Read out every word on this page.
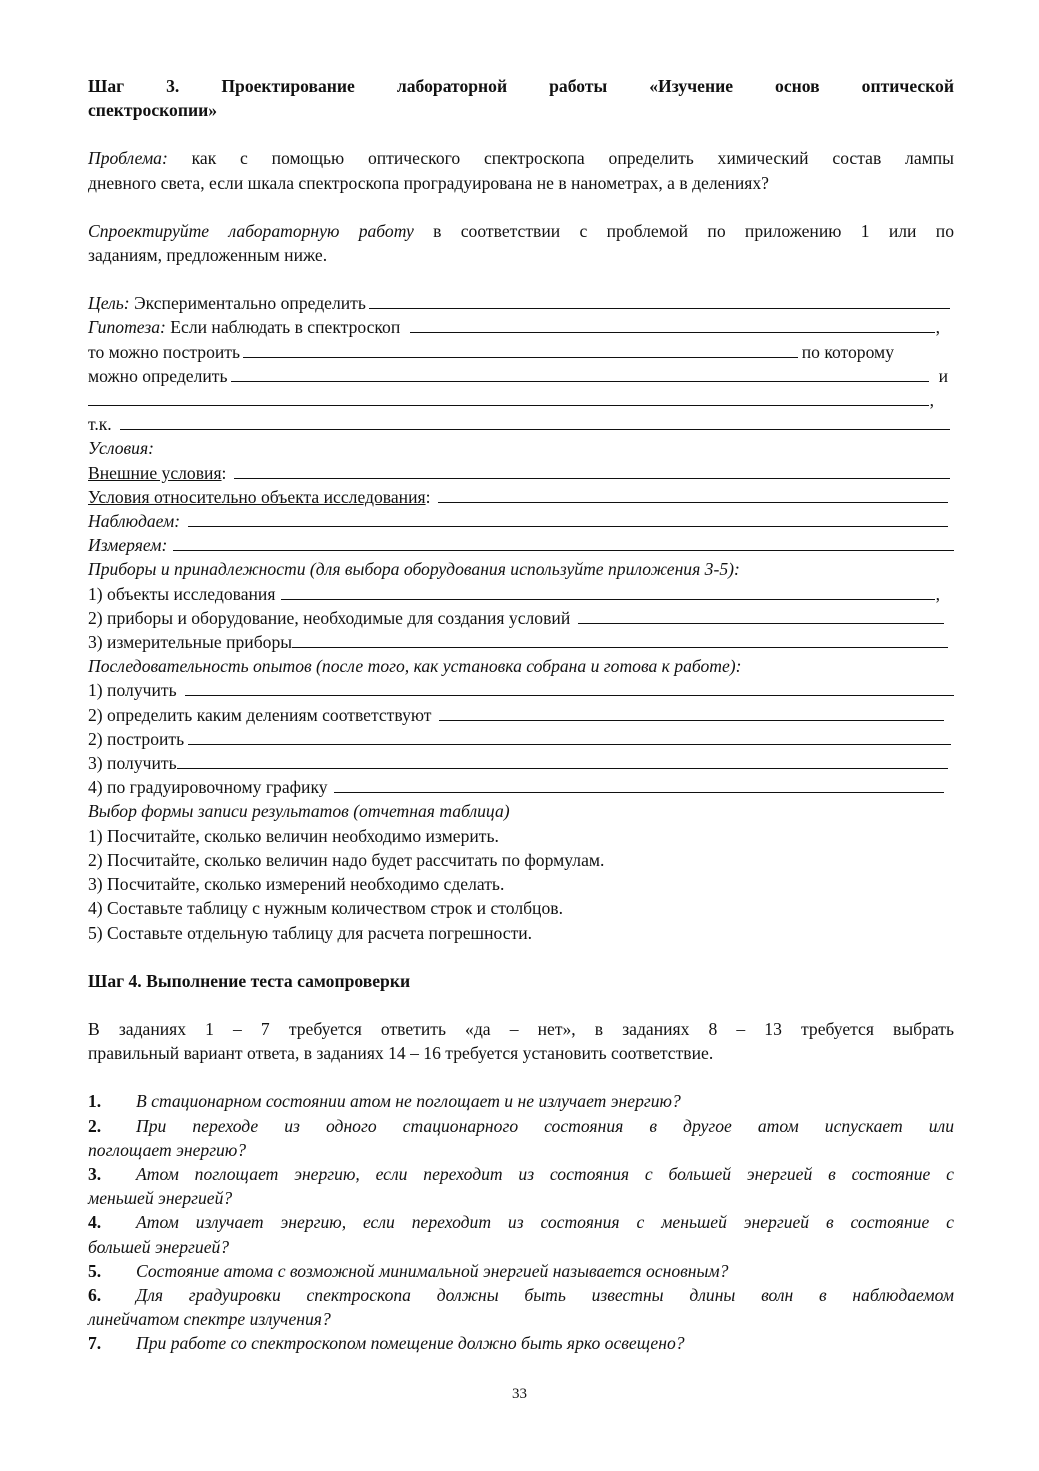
Шаг 3. Проектирование лабораторной работы «Изучение основ оптической

спектроскопии»

Проблема: как с помощью оптического спектроскопа определить химический состав лампы

дневного света, если шкала спектроскопа проградуирована не в нанометрах, а в делениях?

Спроектируйте лабораторную работу в соответствии с проблемой по приложению 1 или по

заданиям, предложенным ниже.

Цель: Экспериментально определить
Гипотеза: Если наблюдать в спектроскоп	,
то можно построить	по которому
можно определить	и
,
т.к.

Условия:

Внешние условия:
Условия относительно объекта исследования:
Наблюдаем:
Измеряем:

Приборы и принадлежности (для выбора оборудования используйте приложения 3-5):

1) объекты исследования	,
2) приборы и оборудование, необходимые для создания условий
3) измерительные приборы

Последовательность опытов (после того, как установка собрана и готова к работе):

1) получить
2) определить каким делениям соответствуют
2) построить
3) получить
4) по градуировочному графику

Выбор формы записи результатов (отчетная таблица)

1) Посчитайте, сколько величин необходимо измерить.

2) Посчитайте, сколько величин надо будет рассчитать по формулам.

3) Посчитайте, сколько измерений необходимо сделать.

4) Составьте таблицу с нужным количеством строк и столбцов.

5) Составьте отдельную таблицу для расчета погрешности.

Шаг 4. Выполнение теста самопроверки

В заданиях 1 – 7 требуется ответить «да – нет», в заданиях 8 – 13 требуется выбрать

правильный вариант ответа, в заданиях 14 – 16 требуется установить соответствие.

1.	В стационарном состоянии атом не поглощает и не излучает энергию?
2.	При переходе из одного стационарного состояния в другое атом испускает или

поглощает энергию?

3.	Атом поглощает энергию, если переходит из состояния с большей энергией в состояние с

меньшей энергией?

4.	Атом излучает энергию, если переходит из состояния с меньшей энергией в состояние с

большей энергией?

5.	Состояние атома с возможной минимальной энергией называется основным?
6.	Для градуировки спектроскопа должны быть известны длины волн в наблюдаемом

линейчатом спектре излучения?

7.	При работе со спектроскопом помещение должно быть ярко освещено?
33
